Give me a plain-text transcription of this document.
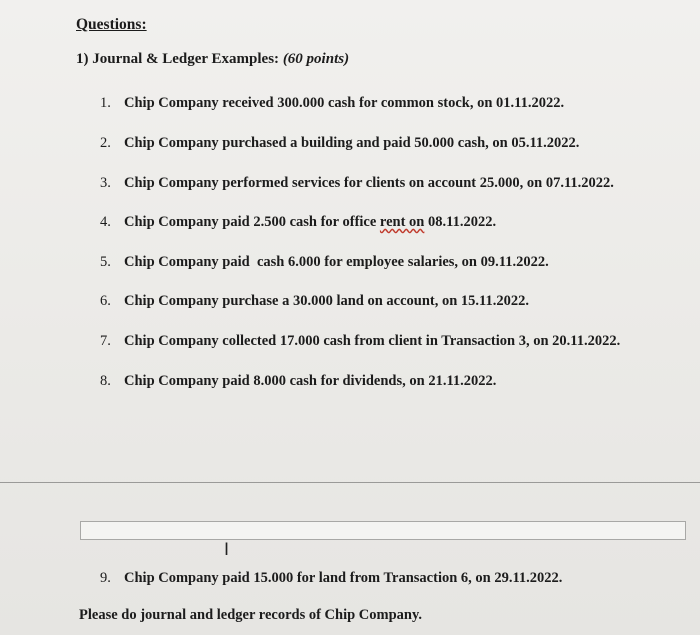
Questions:
1) Journal & Ledger Examples: (60 points)
1. Chip Company received 300.000 cash for common stock, on 01.11.2022.
2. Chip Company purchased a building and paid 50.000 cash, on 05.11.2022.
3. Chip Company performed services for clients on account 25.000, on 07.11.2022.
4. Chip Company paid 2.500 cash for office rent on 08.11.2022.
5. Chip Company paid  cash 6.000 for employee salaries, on 09.11.2022.
6. Chip Company purchase a 30.000 land on account, on 15.11.2022.
7. Chip Company collected 17.000 cash from client in Transaction 3, on 20.11.2022.
8. Chip Company paid 8.000 cash for dividends, on 21.11.2022.
I
9. Chip Company paid 15.000 for land from Transaction 6, on 29.11.2022.
Please do journal and ledger records of Chip Company.
